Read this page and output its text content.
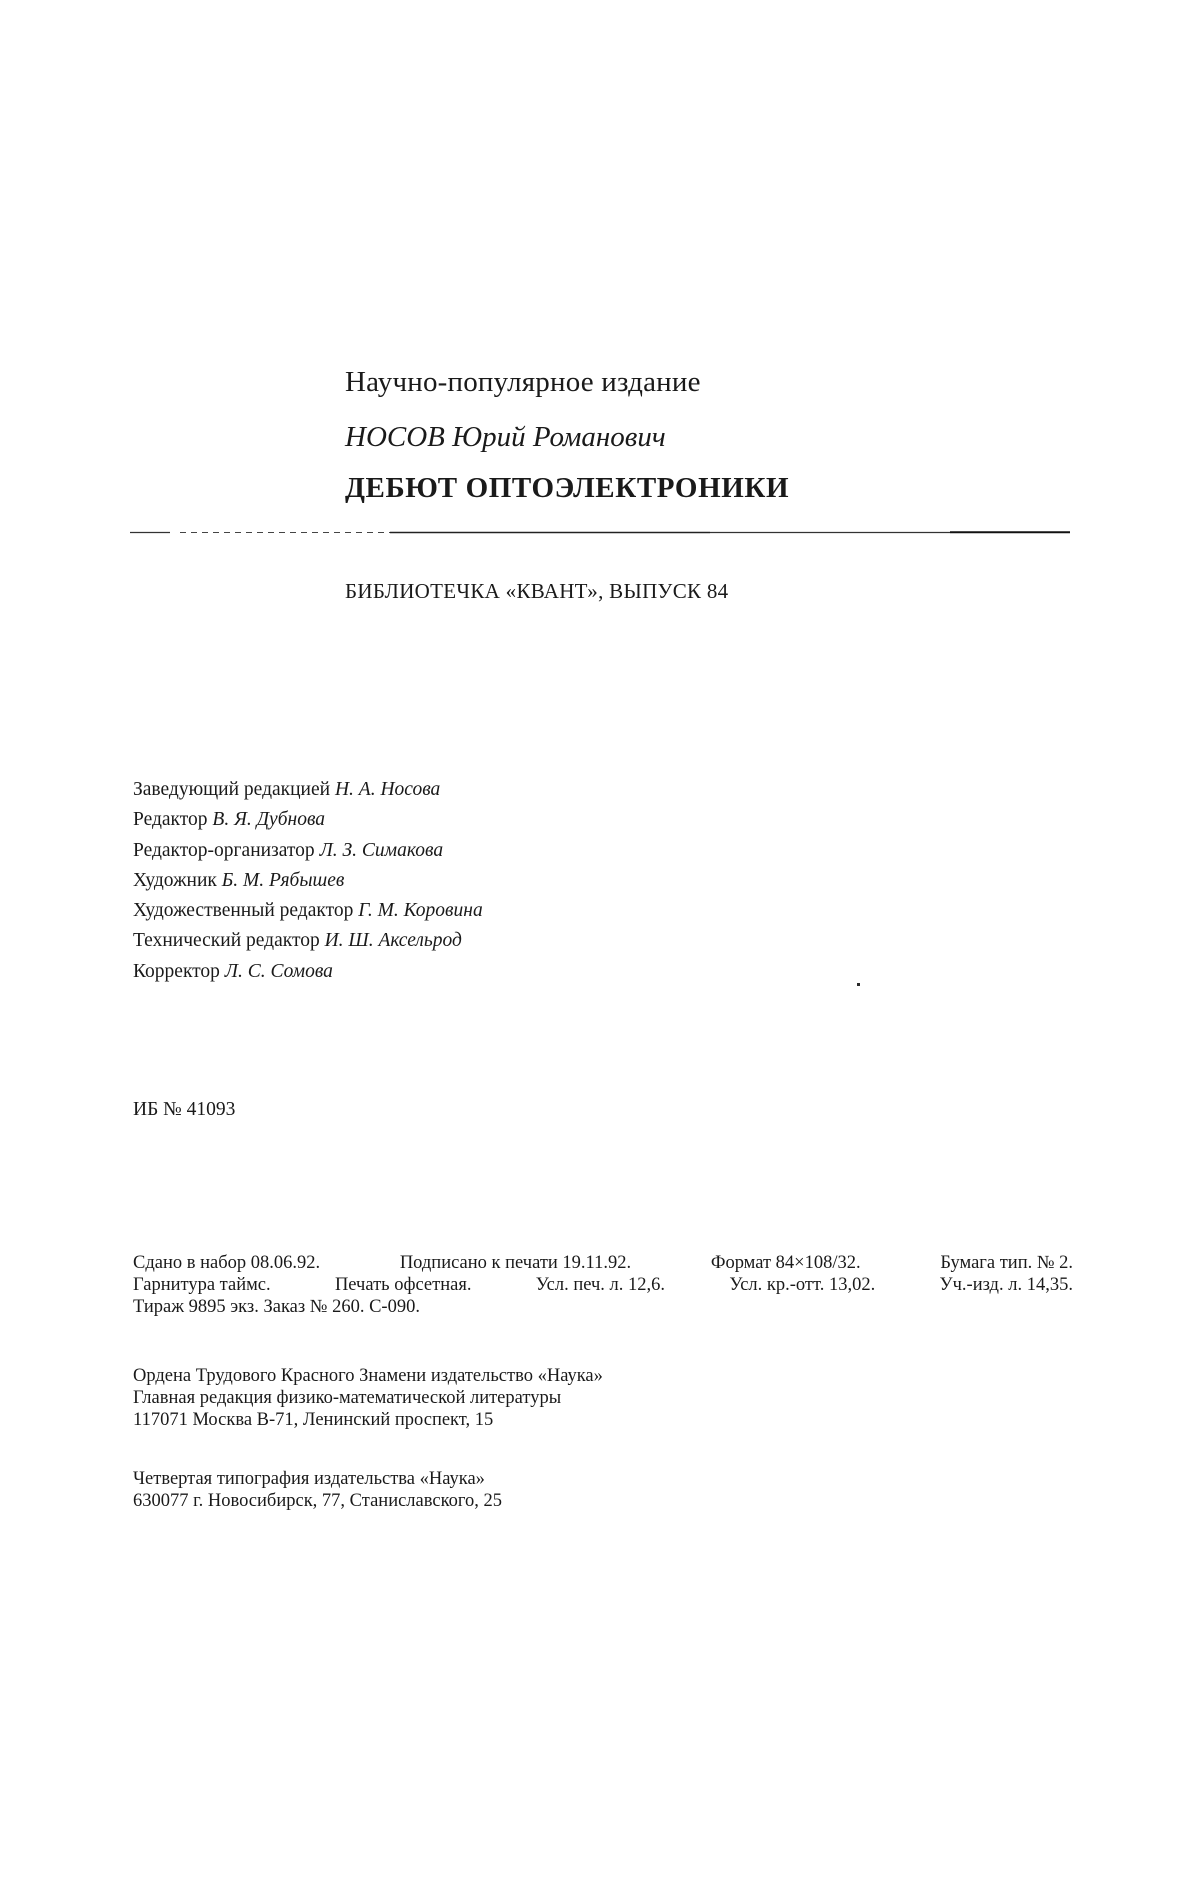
Научно-популярное издание
НОСОВ Юрий Романович
ДЕБЮТ ОПТОЭЛЕКТРОНИКИ
БИБЛИОТЕЧКА «КВАНТ», ВЫПУСК 84
Заведующий редакцией Н. А. Носова
Редактор В. Я. Дубнова
Редактор-организатор Л. З. Симакова
Художник Б. М. Рябышев
Художественный редактор Г. М. Коровина
Технический редактор И. Ш. Аксельрод
Корректор Л. С. Сомова
ИБ № 41093
Сдано в набор 08.06.92.	Подписано к печати 19.11.92.	Формат 84×108/32.	Бумага тип. № 2.
Гарнитура таймс.	Печать офсетная.	Усл. печ. л. 12,6.	Усл. кр.-отт. 13,02.	Уч.-изд. л. 14,35.
Тираж 9895 экз. Заказ № 260. С-090.
Ордена Трудового Красного Знамени издательство «Наука»
Главная редакция физико-математической литературы
117071 Москва В-71, Ленинский проспект, 15
Четвертая типография издательства «Наука»
630077 г. Новосибирск, 77, Станиславского, 25
